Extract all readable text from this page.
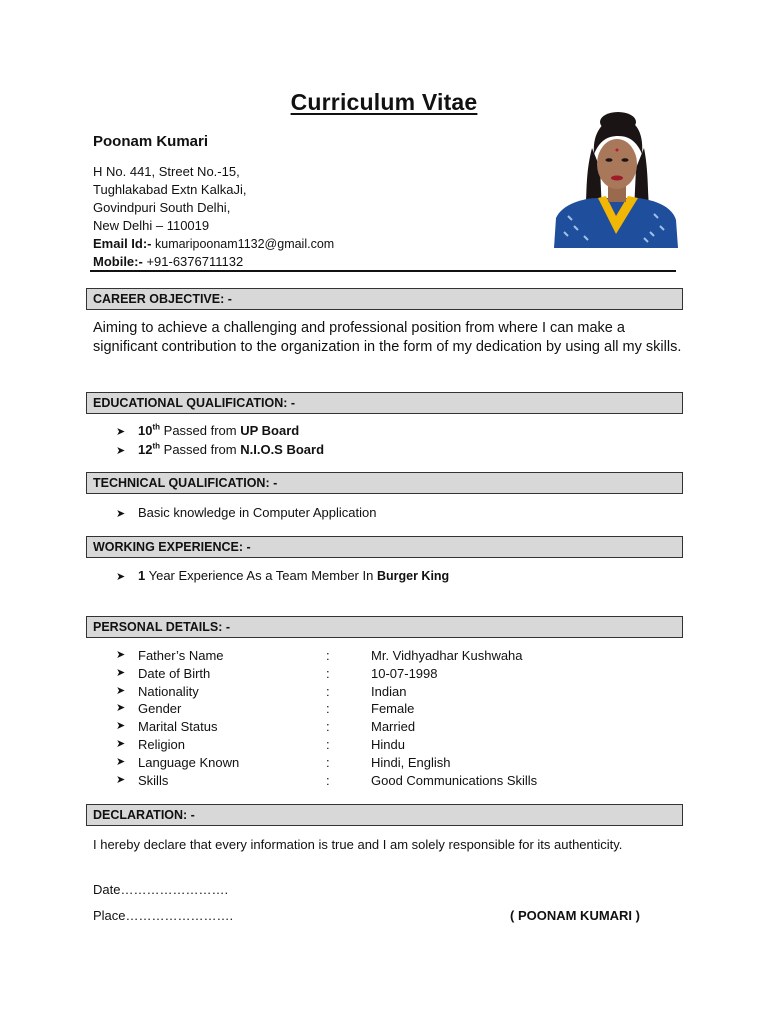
Curriculum Vitae
Poonam Kumari
H No. 441, Street No.-15,
Tughlakabad Extn KalkaJi,
Govindpuri South Delhi,
New Delhi – 110019
Email Id:- kumaripoonam1132@gmail.com
Mobile:- +91-6376711132
CAREER OBJECTIVE: -
Aiming to achieve a challenging and professional position from where I can make a significant contribution to the organization in the form of my dedication by using all my skills.
EDUCATIONAL QUALIFICATION: -
➤ 10th Passed from UP Board
➤ 12th Passed from N.I.O.S Board
TECHNICAL QUALIFICATION: -
➤ Basic knowledge in Computer Application
WORKING EXPERIENCE: -
➤ 1 Year Experience As a Team Member In Burger King
PERSONAL DETAILS: -
➤ Father’s Name	:	Mr. Vidhyadhar Kushwaha
➤ Date of Birth	:	10-07-1998
➤ Nationality	:	Indian
➤ Gender	:	Female
➤ Marital Status	:	Married
➤ Religion	:	Hindu
➤ Language Known	:	Hindi, English
➤ Skills	:	Good Communications Skills
DECLARATION: -
I hereby declare that every information is true and I am solely responsible for its authenticity.
Date…………………….
Place…………………….	( POONAM KUMARI )
